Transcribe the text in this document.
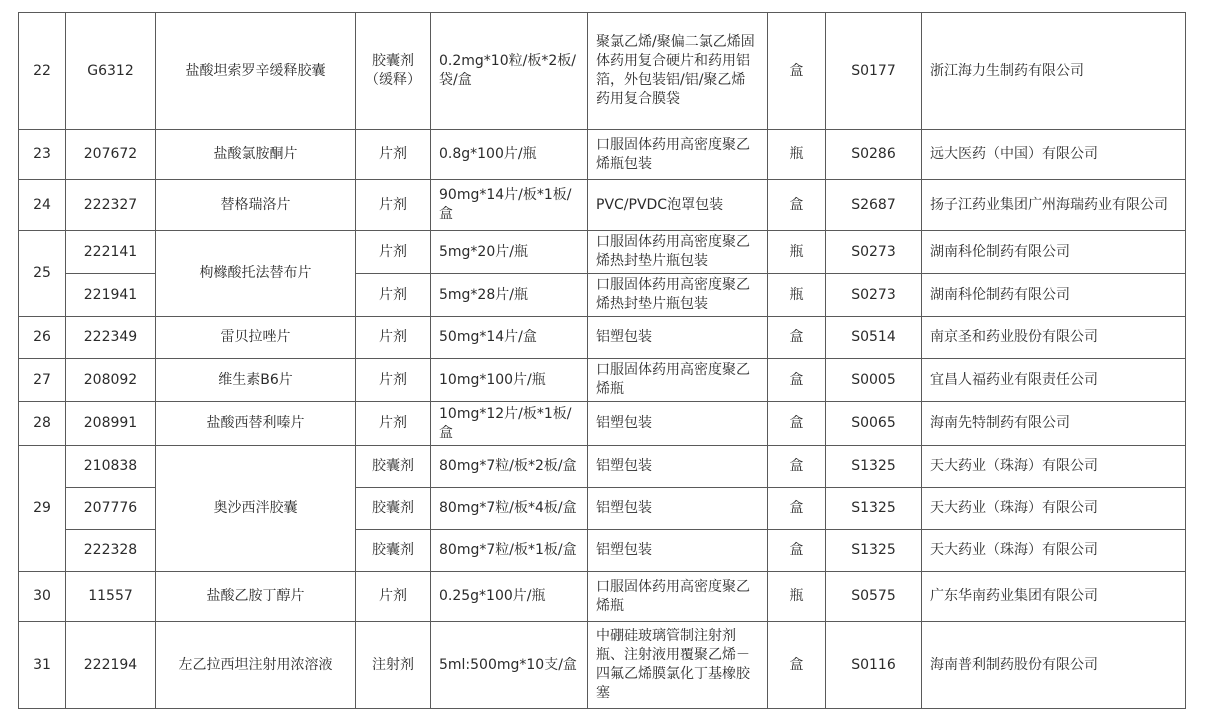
22	G6312	盐酸坦索罗辛缓释胶囊	胶囊剂（缓释）	0.2mg*10粒/板*2板/袋/盒	聚氯乙烯/聚偏二氯乙烯固体药用复合硬片和药用铝箔，外包装铝/铝/聚乙烯药用复合膜袋	盒	S0177	浙江海力生制药有限公司
23	207672	盐酸氯胺酮片	片剂	0.8g*100片/瓶	口服固体药用高密度聚乙烯瓶包装	瓶	S0286	远大医药（中国）有限公司
24	222327	替格瑞洛片	片剂	90mg*14片/板*1板/盒	PVC/PVDC泡罩包装	盒	S2687	扬子江药业集团广州海瑞药业有限公司
25	222141	枸橼酸托法替布片	片剂	5mg*20片/瓶	口服固体药用高密度聚乙烯热封垫片瓶包装	瓶	S0273	湖南科伦制药有限公司
	221941		片剂	5mg*28片/瓶	口服固体药用高密度聚乙烯热封垫片瓶包装	瓶	S0273	湖南科伦制药有限公司
26	222349	雷贝拉唑片	片剂	50mg*14片/盒	铝塑包装	盒	S0514	南京圣和药业股份有限公司
27	208092	维生素B6片	片剂	10mg*100片/瓶	口服固体药用高密度聚乙烯瓶	盒	S0005	宜昌人福药业有限责任公司
28	208991	盐酸西替利嗪片	片剂	10mg*12片/板*1板/盒	铝塑包装	盒	S0065	海南先特制药有限公司
29	210838	奥沙西泮胶囊	胶囊剂	80mg*7粒/板*2板/盒	铝塑包装	盒	S1325	天大药业（珠海）有限公司
	207776		胶囊剂	80mg*7粒/板*4板/盒	铝塑包装	盒	S1325	天大药业（珠海）有限公司
	222328		胶囊剂	80mg*7粒/板*1板/盒	铝塑包装	盒	S1325	天大药业（珠海）有限公司
30	11557	盐酸乙胺丁醇片	片剂	0.25g*100片/瓶	口服固体药用高密度聚乙烯瓶	瓶	S0575	广东华南药业集团有限公司
31	222194	左乙拉西坦注射用浓溶液	注射剂	5ml:500mg*10支/盒	中硼硅玻璃管制注射剂瓶、注射液用覆聚乙烯－四氟乙烯膜氯化丁基橡胶塞	盒	S0116	海南普利制药股份有限公司
